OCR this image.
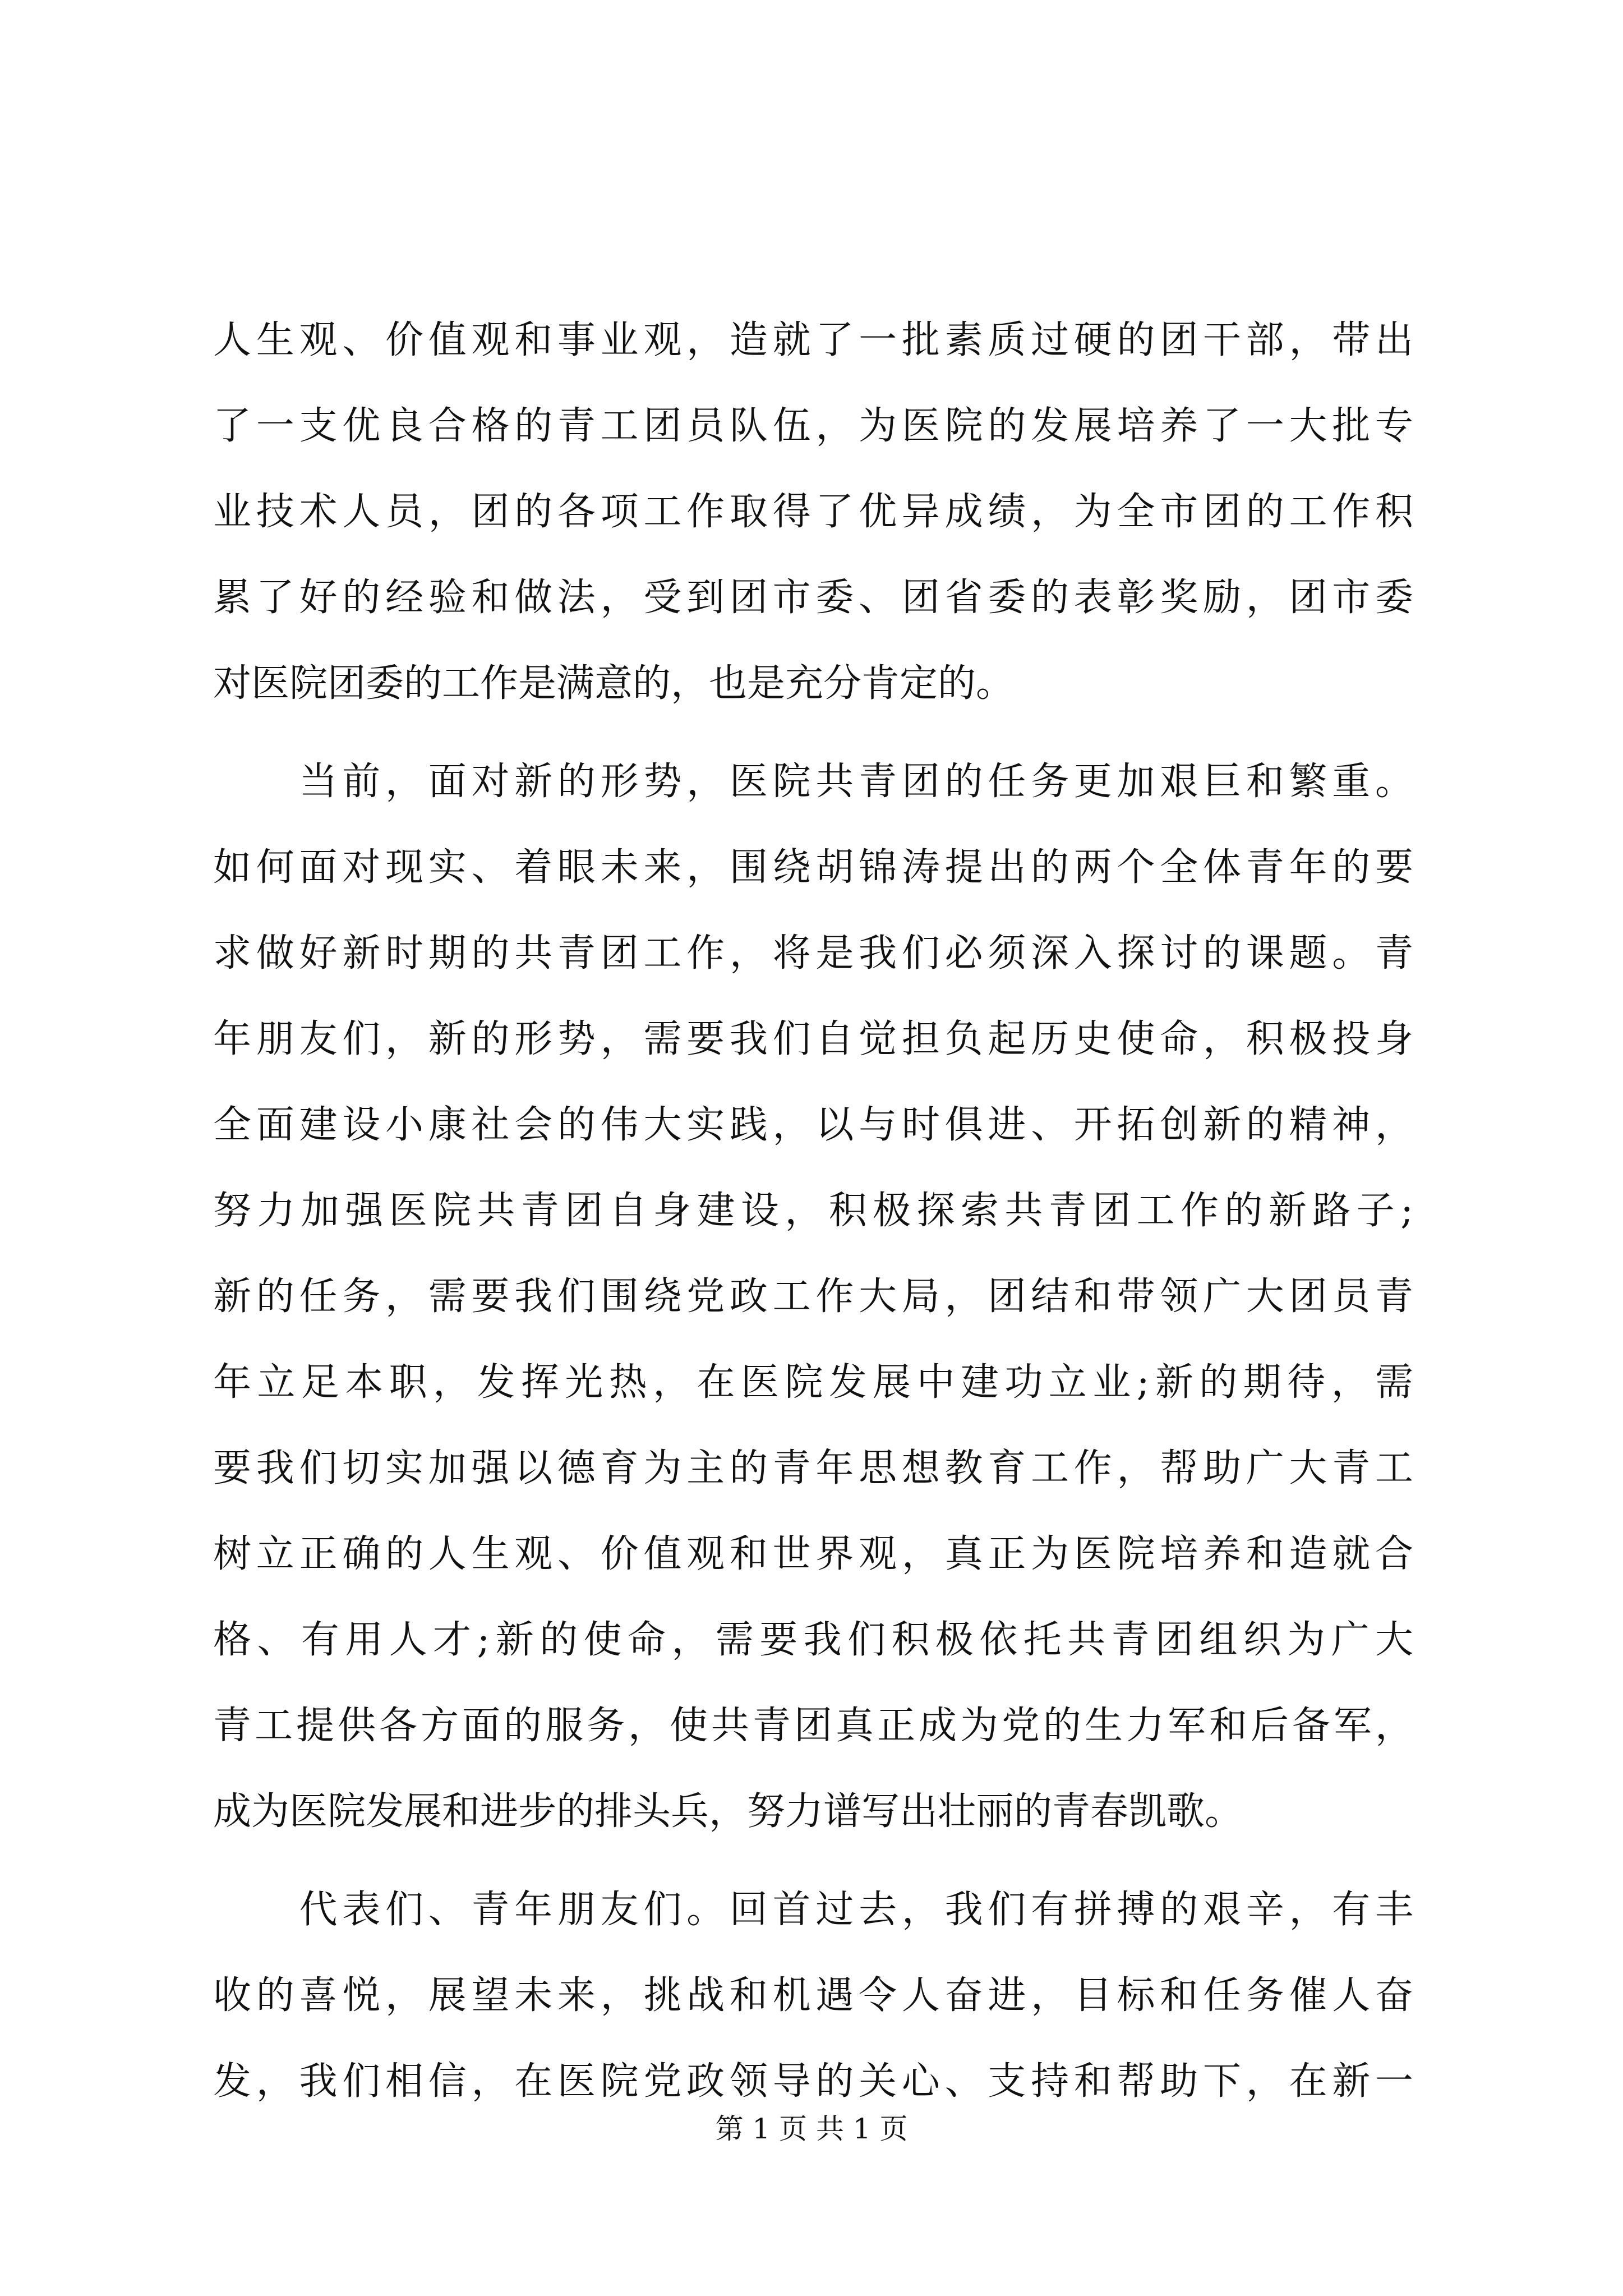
人生观、价值观和事业观，造就了一批素质过硬的团干部，带出
了一支优良合格的青工团员队伍，为医院的发展培养了一大批专
业技术人员，团的各项工作取得了优异成绩，为全市团的工作积
累了好的经验和做法，受到团市委、团省委的表彰奖励，团市委
对医院团委的工作是满意的，也是充分肯定的。
　　当前，面对新的形势，医院共青团的任务更加艰巨和繁重。
如何面对现实、着眼未来，围绕胡锦涛提出的两个全体青年的要
求做好新时期的共青团工作，将是我们必须深入探讨的课题。青
年朋友们，新的形势，需要我们自觉担负起历史使命，积极投身
全面建设小康社会的伟大实践，以与时俱进、开拓创新的精神，
努力加强医院共青团自身建设，积极探索共青团工作的新路子;
新的任务，需要我们围绕党政工作大局，团结和带领广大团员青
年立足本职，发挥光热，在医院发展中建功立业;新的期待，需
要我们切实加强以德育为主的青年思想教育工作，帮助广大青工
树立正确的人生观、价值观和世界观，真正为医院培养和造就合
格、有用人才;新的使命，需要我们积极依托共青团组织为广大
青工提供各方面的服务，使共青团真正成为党的生力军和后备军，
成为医院发展和进步的排头兵，努力谱写出壮丽的青春凯歌。
　　代表们、青年朋友们。回首过去，我们有拼搏的艰辛，有丰
收的喜悦，展望未来，挑战和机遇令人奋进，目标和任务催人奋
发，我们相信，在医院党政领导的关心、支持和帮助下，在新一
第 1 页 共 1 页
